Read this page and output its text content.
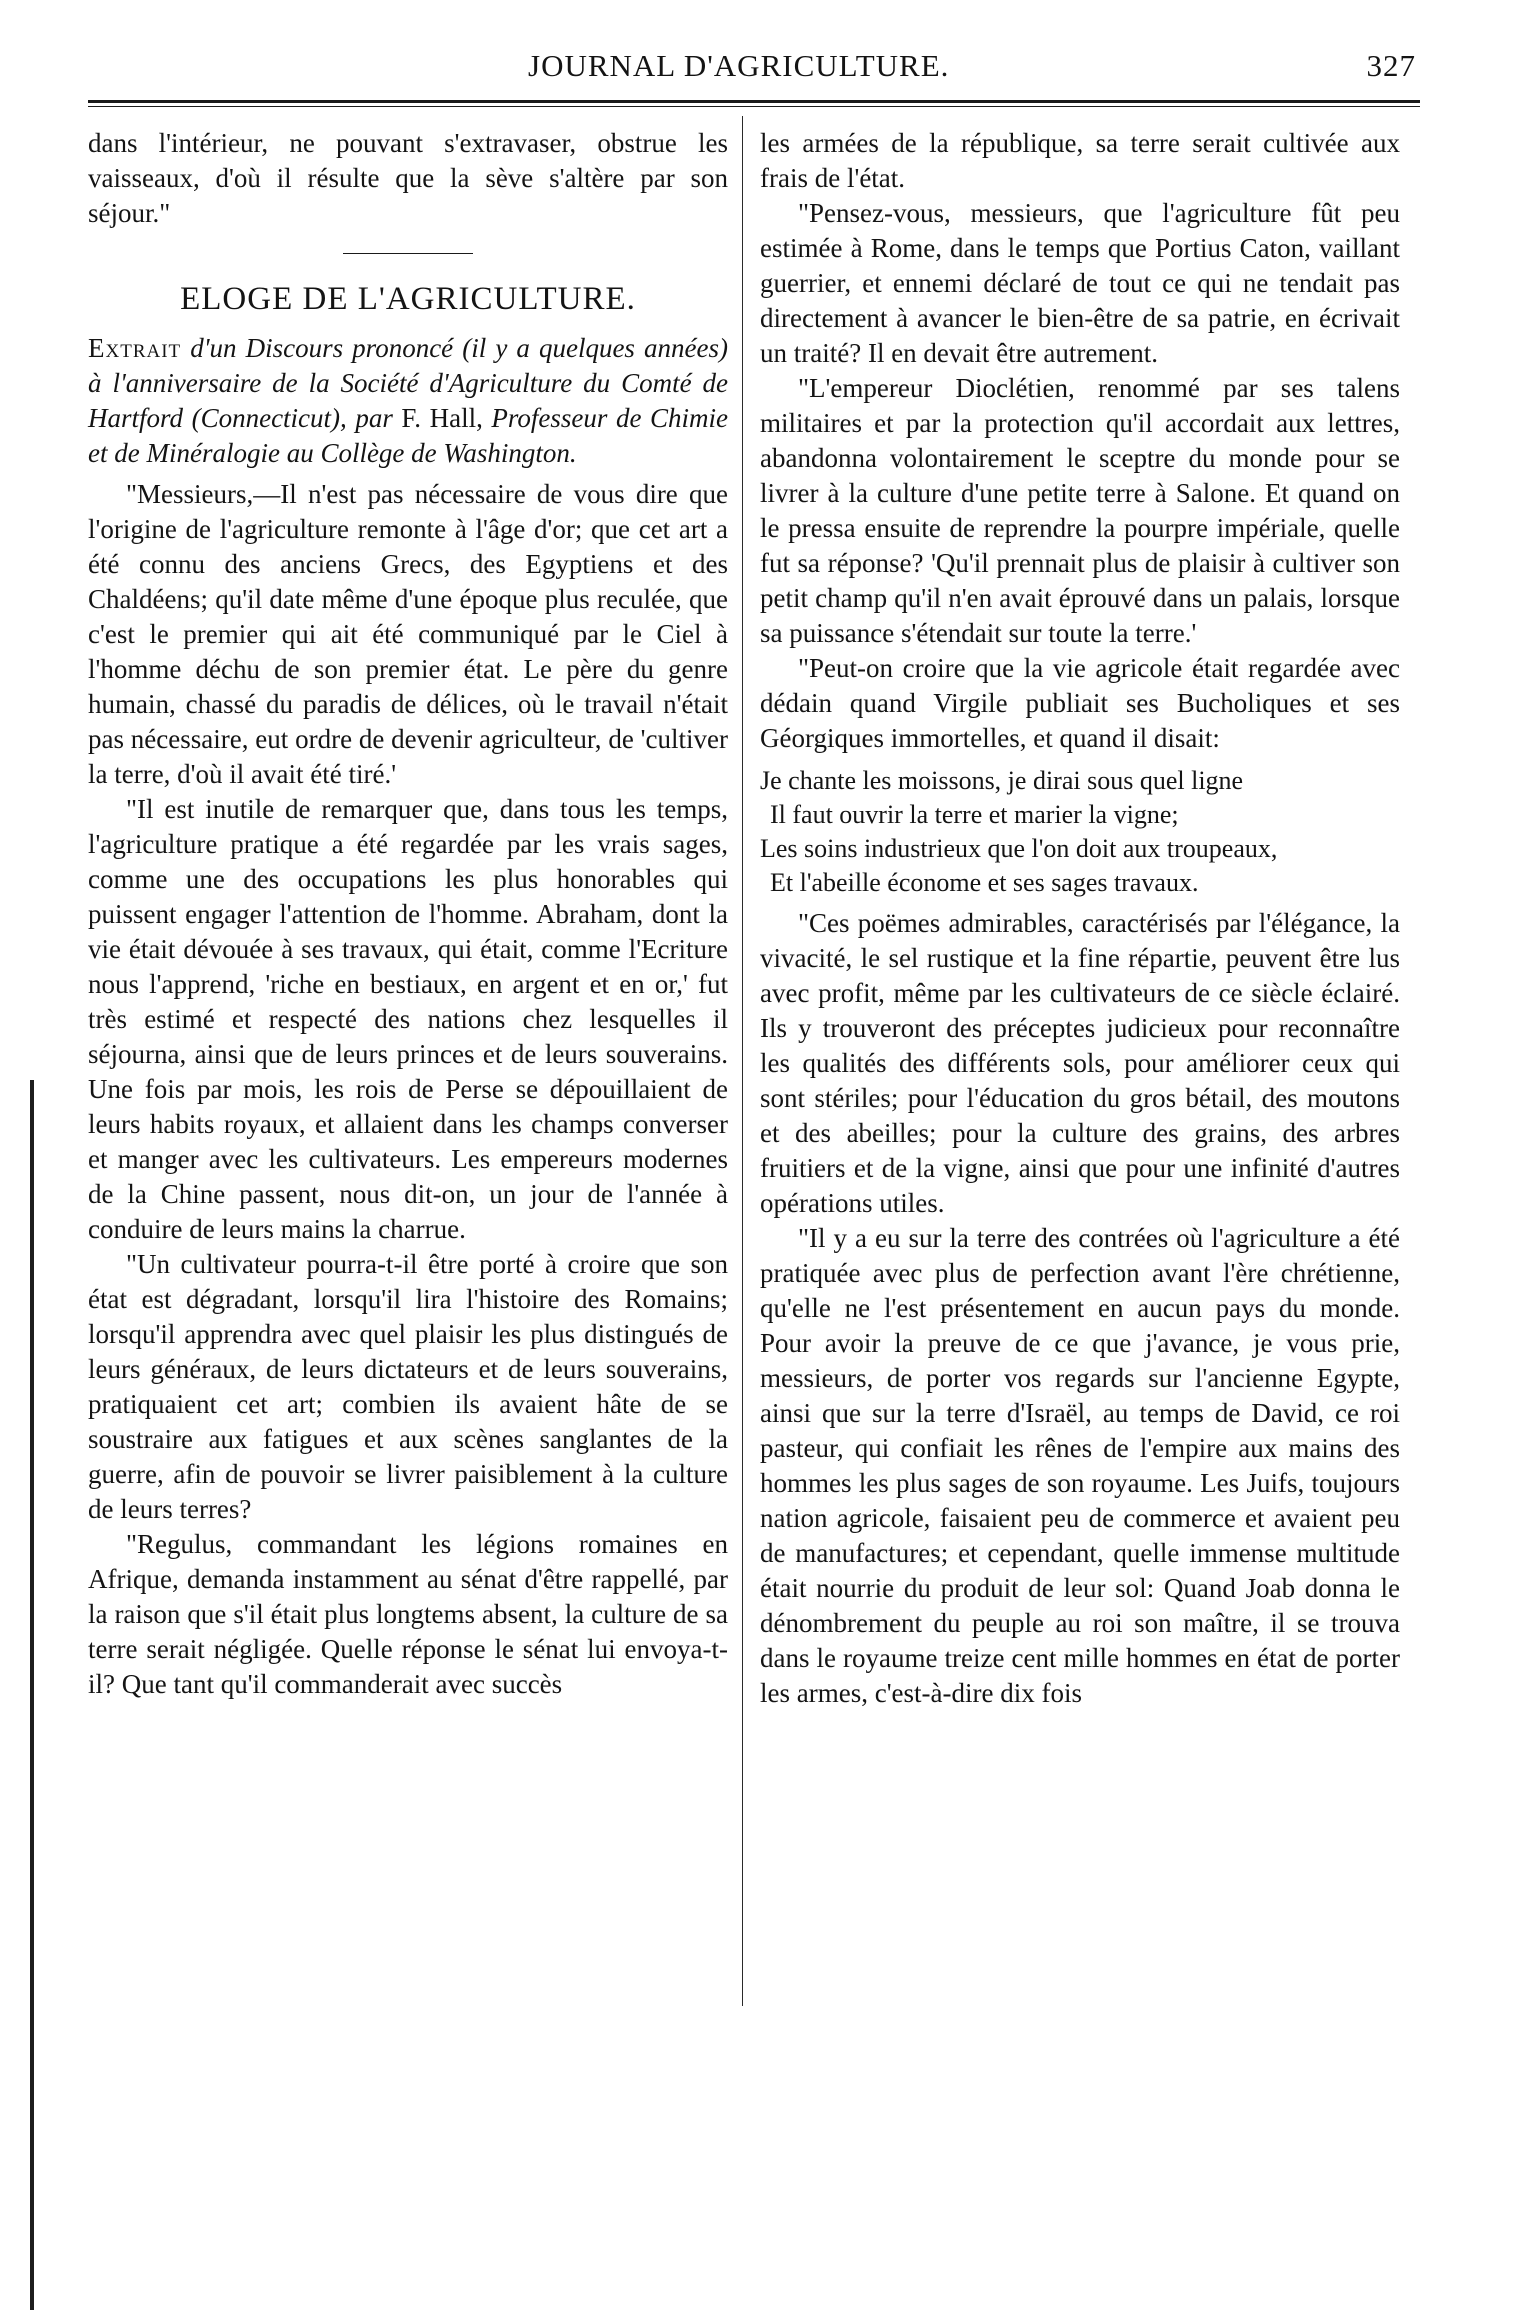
JOURNAL D'AGRICULTURE.	327

dans l'intérieur, ne pouvant s'extravaser, obstrue les vaisseaux, d'où il résulte que la sève s'altère par son séjour."

ELOGE DE L'AGRICULTURE.

Extrait d'un Discours prononcé (il y a quelques années) à l'anniversaire de la Société d'Agriculture du Comté de Hartford (Connecticut), par F. Hall, Professeur de Chimie et de Minéralogie au Collège de Washington.

"Messieurs,—Il n'est pas nécessaire de vous dire que l'origine de l'agriculture remonte à l'âge d'or; que cet art a été connu des anciens Grecs, des Egyptiens et des Chaldéens; qu'il date même d'une époque plus reculée, que c'est le premier qui ait été communiqué par le Ciel à l'homme déchu de son premier état. Le père du genre humain, chassé du paradis de délices, où le travail n'était pas nécessaire, eut ordre de devenir agriculteur, de 'cultiver la terre, d'où il avait été tiré.'

"Il est inutile de remarquer que, dans tous les temps, l'agriculture pratique a été regardée par les vrais sages, comme une des occupations les plus honorables qui puissent engager l'attention de l'homme. Abraham, dont la vie était dévouée à ses travaux, qui était, comme l'Ecriture nous l'apprend, 'riche en bestiaux, en argent et en or,' fut très estimé et respecté des nations chez lesquelles il séjourna, ainsi que de leurs princes et de leurs souverains. Une fois par mois, les rois de Perse se dépouillaient de leurs habits royaux, et allaient dans les champs converser et manger avec les cultivateurs. Les empereurs modernes de la Chine passent, nous dit-on, un jour de l'année à conduire de leurs mains la charrue.

"Un cultivateur pourra-t-il être porté à croire que son état est dégradant, lorsqu'il lira l'histoire des Romains; lorsqu'il apprendra avec quel plaisir les plus distingués de leurs généraux, de leurs dictateurs et de leurs souverains, pratiquaient cet art; combien ils avaient hâte de se soustraire aux fatigues et aux scènes sanglantes de la guerre, afin de pouvoir se livrer paisiblement à la culture de leurs terres?

"Regulus, commandant les légions romaines en Afrique, demanda instamment au sénat d'être rappellé, par la raison que s'il était plus longtems absent, la culture de sa terre serait négligée. Quelle réponse le sénat lui envoya-t-il? Que tant qu'il commanderait avec succès

les armées de la république, sa terre serait cultivée aux frais de l'état.

"Pensez-vous, messieurs, que l'agriculture fût peu estimée à Rome, dans le temps que Portius Caton, vaillant guerrier, et ennemi déclaré de tout ce qui ne tendait pas directement à avancer le bien-être de sa patrie, en écrivait un traité? Il en devait être autrement.

"L'empereur Dioclétien, renommé par ses talens militaires et par la protection qu'il accordait aux lettres, abandonna volontairement le sceptre du monde pour se livrer à la culture d'une petite terre à Salone. Et quand on le pressa ensuite de reprendre la pourpre impériale, quelle fut sa réponse? 'Qu'il prennait plus de plaisir à cultiver son petit champ qu'il n'en avait éprouvé dans un palais, lorsque sa puissance s'étendait sur toute la terre.'

"Peut-on croire que la vie agricole était regardée avec dédain quand Virgile publiait ses Bucholiques et ses Géorgiques immortelles, et quand il disait:

Je chante les moissons, je dirai sous quel ligne
Il faut ouvrir la terre et marier la vigne;
Les soins industrieux que l'on doit aux troupeaux,
Et l'abeille économe et ses sages travaux.

"Ces poëmes admirables, caractérisés par l'élégance, la vivacité, le sel rustique et la fine répartie, peuvent être lus avec profit, même par les cultivateurs de ce siècle éclairé. Ils y trouveront des préceptes judicieux pour reconnaître les qualités des différents sols, pour améliorer ceux qui sont stériles; pour l'éducation du gros bétail, des moutons et des abeilles; pour la culture des grains, des arbres fruitiers et de la vigne, ainsi que pour une infinité d'autres opérations utiles.

"Il y a eu sur la terre des contrées où l'agriculture a été pratiquée avec plus de perfection avant l'ère chrétienne, qu'elle ne l'est présentement en aucun pays du monde. Pour avoir la preuve de ce que j'avance, je vous prie, messieurs, de porter vos regards sur l'ancienne Egypte, ainsi que sur la terre d'Israël, au temps de David, ce roi pasteur, qui confiait les rênes de l'empire aux mains des hommes les plus sages de son royaume. Les Juifs, toujours nation agricole, faisaient peu de commerce et avaient peu de manufactures; et cependant, quelle immense multitude était nourrie du produit de leur sol: Quand Joab donna le dénombrement du peuple au roi son maître, il se trouva dans le royaume treize cent mille hommes en état de porter les armes, c'est-à-dire dix fois
